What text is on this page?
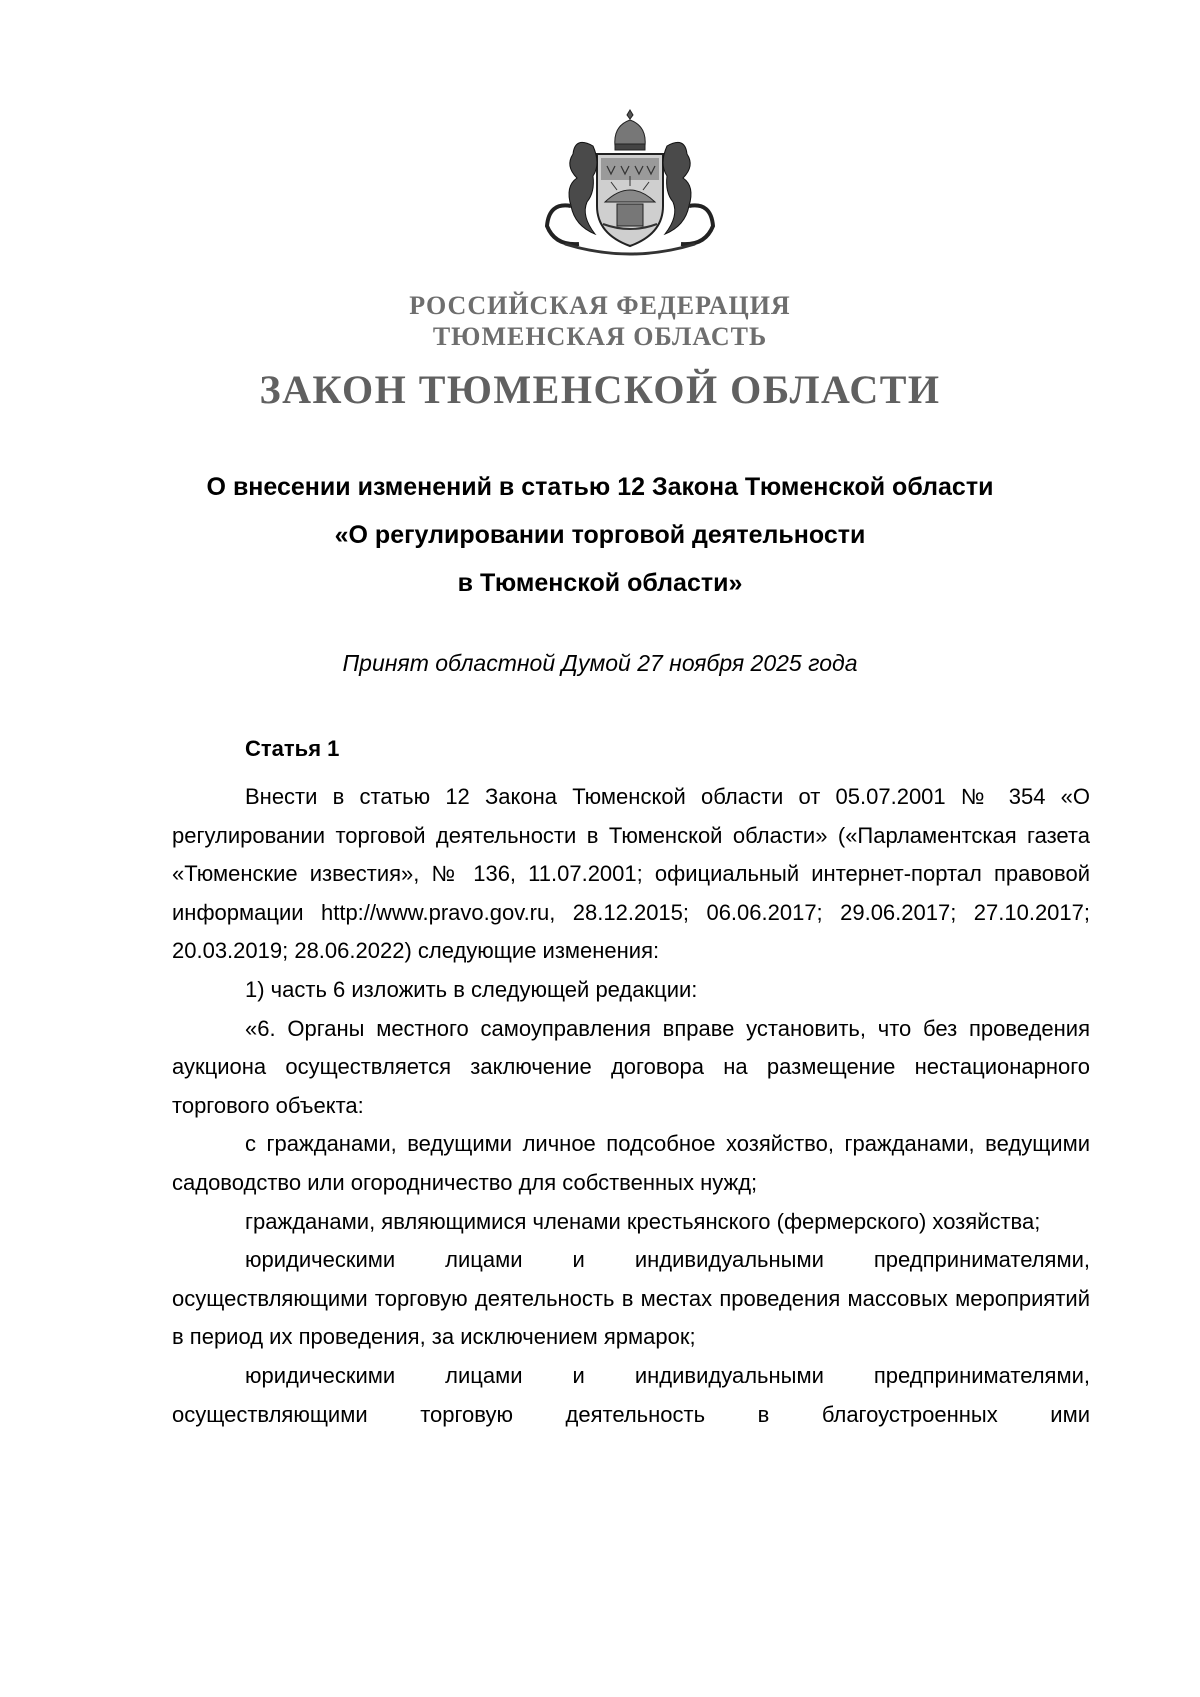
РОССИЙСКАЯ ФЕДЕРАЦИЯ
ТЮМЕНСКАЯ ОБЛАСТЬ
ЗАКОН ТЮМЕНСКОЙ ОБЛАСТИ
О внесении изменений в статью 12 Закона Тюменской области
«О регулировании торговой деятельности
в Тюменской области»
Принят областной Думой 27 ноября 2025 года
Статья 1

Внести в статью 12 Закона Тюменской области от 05.07.2001 № 354 «О регулировании торговой деятельности в Тюменской области» («Парламентская газета «Тюменские известия», № 136, 11.07.2001; официальный интернет-портал правовой информации http://www.pravo.gov.ru, 28.12.2015; 06.06.2017; 29.06.2017; 27.10.2017; 20.03.2019; 28.06.2022) следующие изменения:

1) часть 6 изложить в следующей редакции:

«6. Органы местного самоуправления вправе установить, что без проведения аукциона осуществляется заключение договора на размещение нестационарного торгового объекта:

с гражданами, ведущими личное подсобное хозяйство, гражданами, ведущими садоводство или огородничество для собственных нужд;

гражданами, являющимися членами крестьянского (фермерского) хозяйства;

юридическими лицами и индивидуальными предпринимателями, осуществляющими торговую деятельность в местах проведения массовых мероприятий в период их проведения, за исключением ярмарок;

юридическими лицами и индивидуальными предпринимателями, осуществляющими торговую деятельность в благоустроенных ими
